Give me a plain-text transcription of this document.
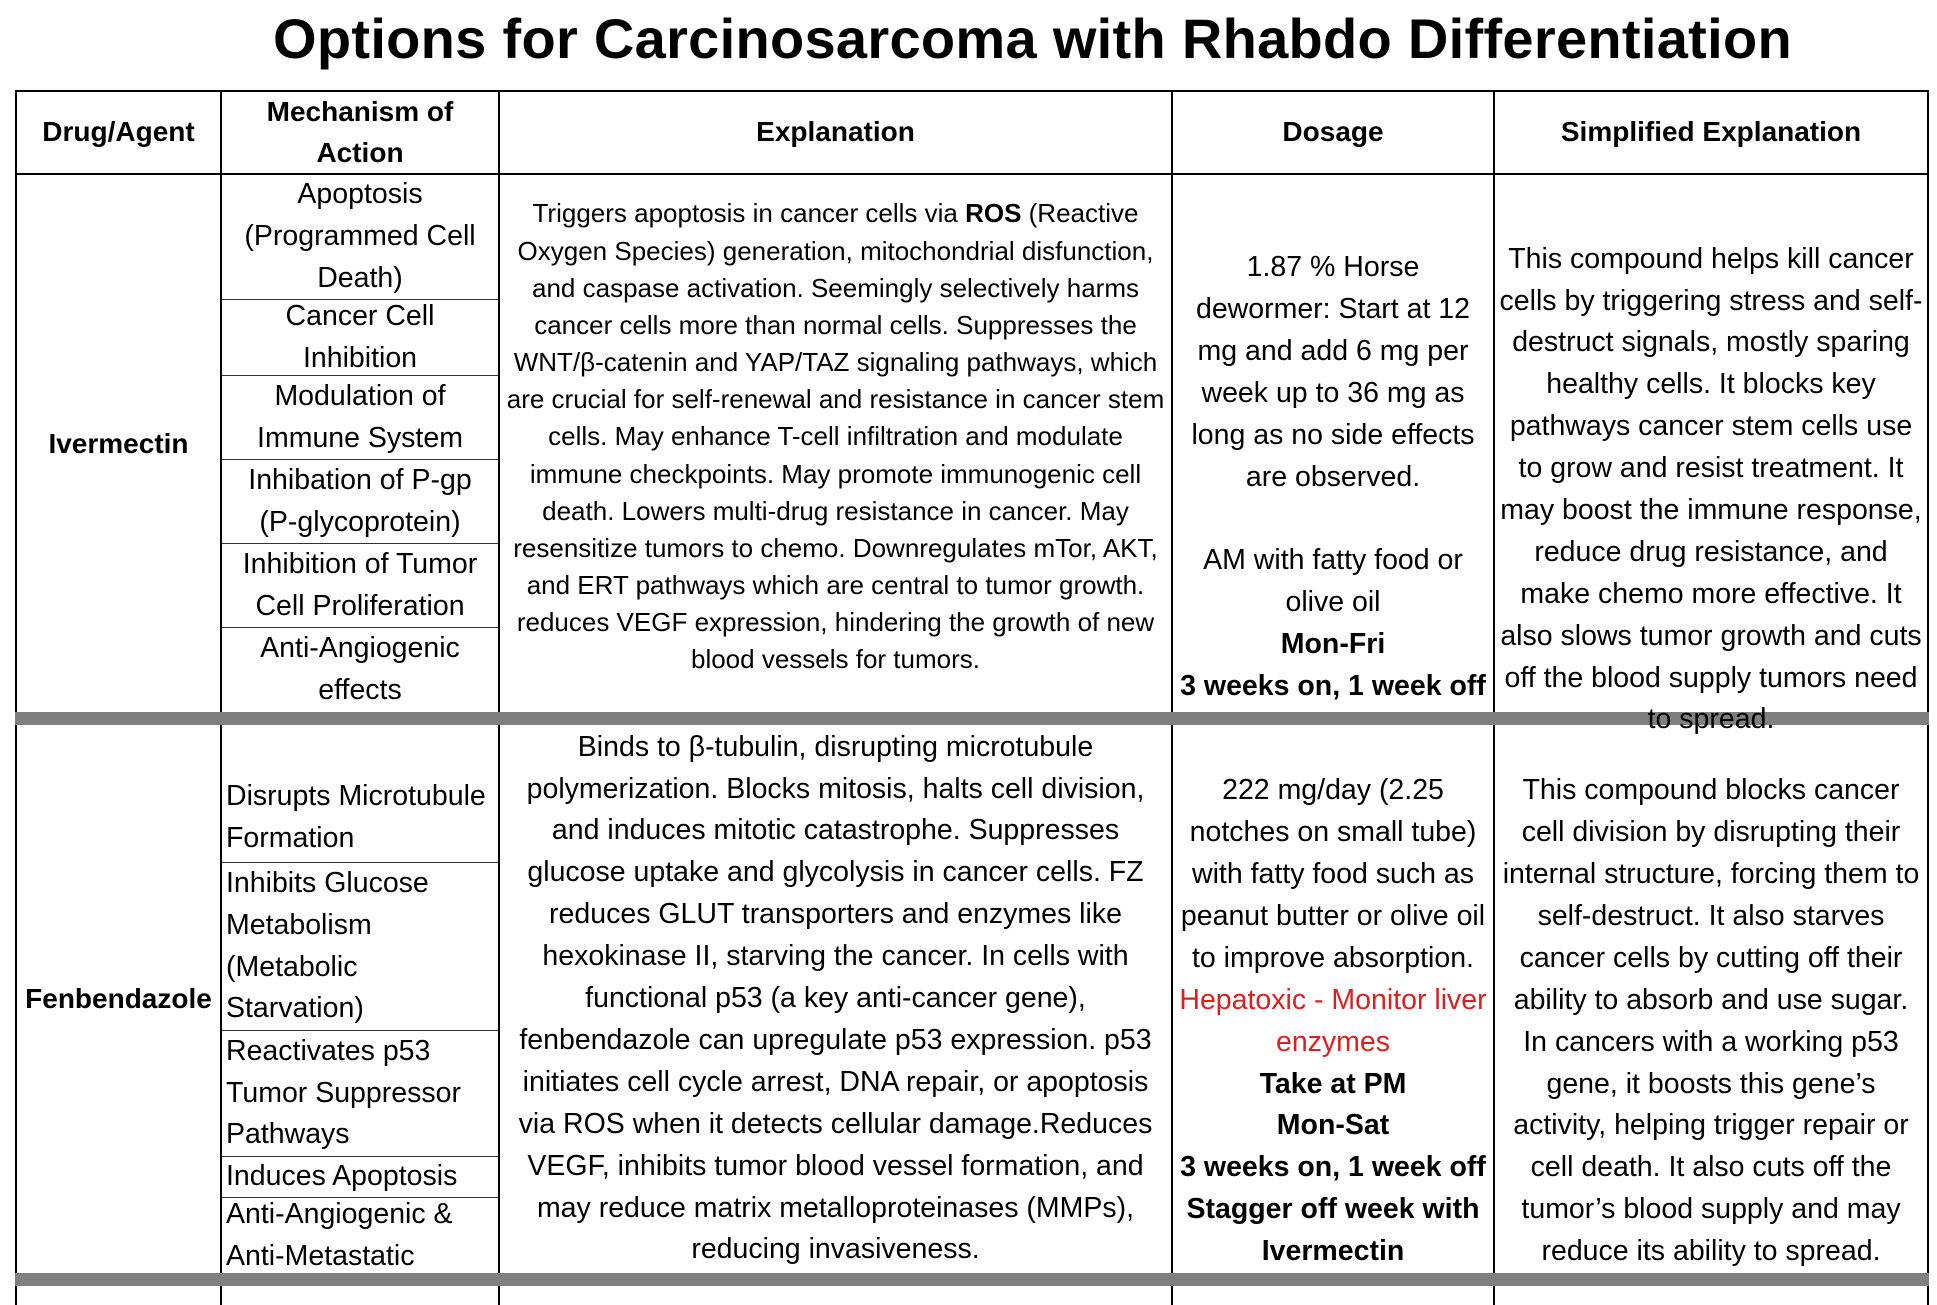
Options for Carcinosarcoma with Rhabdo Differentiation
Drug/Agent
Mechanism of Action
Explanation	Dosage	Simplified Explanation
Ivermectin
Apoptosis (Programmed Cell Death)
Cancer Cell Inhibition
Modulation of Immune System
Inhibation of P-gp (P-glycoprotein)
Inhibition of Tumor Cell Proliferation
Anti-Angiogenic effects
Triggers apoptosis in cancer cells via ROS (Reactive Oxygen Species) generation, mitochondrial disfunction, and caspase activation. Seemingly selectively harms cancer cells more than normal cells. Suppresses the WNT/β-catenin and YAP/TAZ signaling pathways, which are crucial for self-renewal and resistance in cancer stem cells. May enhance T-cell infiltration and modulate immune checkpoints. May promote immunogenic cell death. Lowers multi-drug resistance in cancer. May resensitize tumors to chemo. Downregulates mTor, AKT, and ERT pathways which are central to tumor growth. reduces VEGF expression, hindering the growth of new blood vessels for tumors.
1.87 % Horse dewormer: Start at 12 mg and add 6 mg per week up to 36 mg as long as no side effects are observed.
AM with fatty food or olive oil
Mon-Fri
3 weeks on, 1 week off
This compound helps kill cancer cells by triggering stress and self-destruct signals, mostly sparing healthy cells. It blocks key pathways cancer stem cells use to grow and resist treatment. It may boost the immune response, reduce drug resistance, and make chemo more effective. It also slows tumor growth and cuts off the blood supply tumors need to spread.
Fenbendazole
Disrupts Microtubule Formation
Inhibits Glucose Metabolism (Metabolic Starvation)
Reactivates p53 Tumor Suppressor Pathways
Induces Apoptosis
Anti-Angiogenic & Anti-Metastatic
Binds to β-tubulin, disrupting microtubule polymerization. Blocks mitosis, halts cell division, and induces mitotic catastrophe. Suppresses glucose uptake and glycolysis in cancer cells. FZ reduces GLUT transporters and enzymes like hexokinase II, starving the cancer. In cells with functional p53 (a key anti-cancer gene), fenbendazole can upregulate p53 expression. p53 initiates cell cycle arrest, DNA repair, or apoptosis via ROS when it detects cellular damage.Reduces VEGF, inhibits tumor blood vessel formation, and may reduce matrix metalloproteinases (MMPs), reducing invasiveness.
222 mg/day (2.25 notches on small tube) with fatty food such as peanut butter or olive oil to improve absorption.
Hepatoxic - Monitor liver enzymes
Take at PM
Mon-Sat
3 weeks on, 1 week off
Stagger off week with Ivermectin
This compound blocks cancer cell division by disrupting their internal structure, forcing them to self-destruct. It also starves cancer cells by cutting off their ability to absorb and use sugar. In cancers with a working p53 gene, it boosts this gene’s activity, helping trigger repair or cell death. It also cuts off the tumor’s blood supply and may reduce its ability to spread.
